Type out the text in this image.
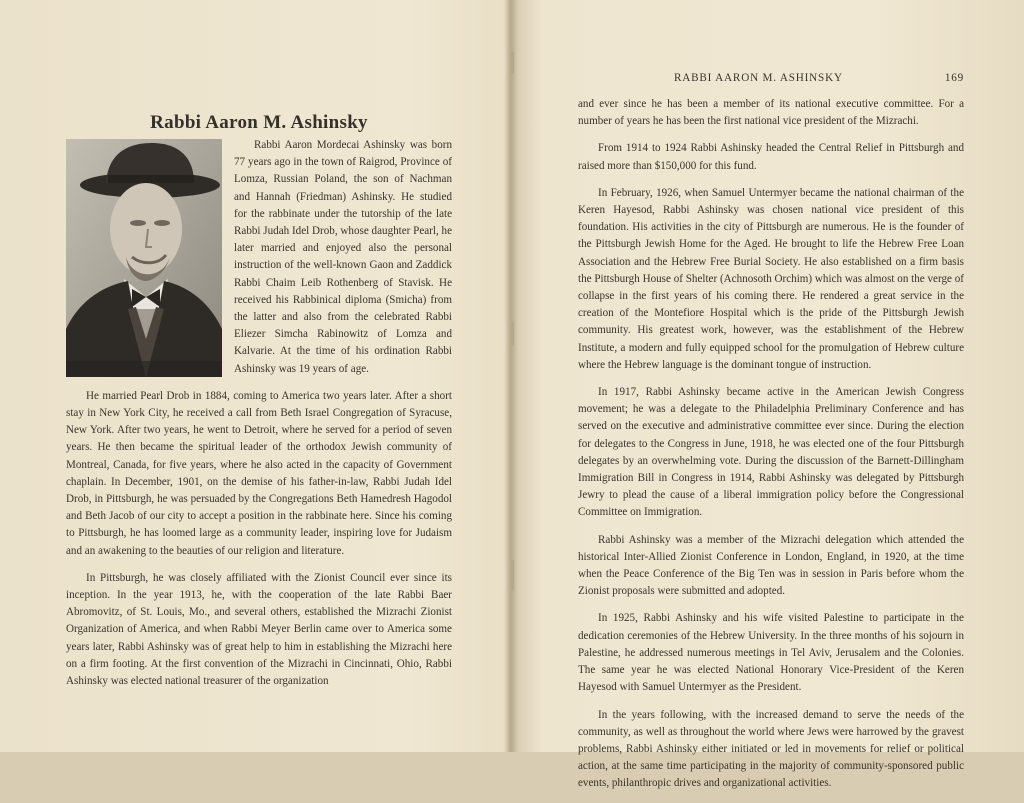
Rabbi Aaron M. Ashinsky

Rabbi Aaron Mordecai Ashinsky was born 77 years ago in the town of Raigrod, Province of Lomza, Russian Poland, the son of Nachman and Hannah (Friedman) Ashinsky. He studied for the rabbinate under the tutorship of the late Rabbi Judah Idel Drob, whose daughter Pearl, he later married and enjoyed also the personal instruction of the well-known Gaon and Zaddick Rabbi Chaim Leib Rothenberg of Stavisk. He received his Rabbinical diploma (Smicha) from the latter and also from the celebrated Rabbi Eliezer Simcha Rabinowitz of Lomza and Kalvarie. At the time of his ordination Rabbi Ashinsky was 19 years of age.

He married Pearl Drob in 1884, coming to America two years later. After a short stay in New York City, he received a call from Beth Israel Congregation of Syracuse, New York. After two years, he went to Detroit, where he served for a period of seven years. He then became the spiritual leader of the orthodox Jewish community of Montreal, Canada, for five years, where he also acted in the capacity of Government chaplain. In December, 1901, on the demise of his father-in-law, Rabbi Judah Idel Drob, in Pittsburgh, he was persuaded by the Congregations Beth Hamedresh Hagodol and Beth Jacob of our city to accept a position in the rabbinate here. Since his coming to Pittsburgh, he has loomed large as a community leader, inspiring love for Judaism and an awakening to the beauties of our religion and literature.

In Pittsburgh, he was closely affiliated with the Zionist Council ever since its inception. In the year 1913, he, with the cooperation of the late Rabbi Baer Abromovitz, of St. Louis, Mo., and several others, established the Mizrachi Zionist Organization of America, and when Rabbi Meyer Berlin came over to America some years later, Rabbi Ashinsky was of great help to him in establishing the Mizrachi here on a firm footing. At the first convention of the Mizrachi in Cincinnati, Ohio, Rabbi Ashinsky was elected national treasurer of the organization

RABBI AARON M. ASHINSKY	169

and ever since he has been a member of its national executive committee. For a number of years he has been the first national vice president of the Mizrachi.

From 1914 to 1924 Rabbi Ashinsky headed the Central Relief in Pittsburgh and raised more than $150,000 for this fund.

In February, 1926, when Samuel Untermyer became the national chairman of the Keren Hayesod, Rabbi Ashinsky was chosen national vice president of this foundation. His activities in the city of Pittsburgh are numerous. He is the founder of the Pittsburgh Jewish Home for the Aged. He brought to life the Hebrew Free Loan Association and the Hebrew Free Burial Society. He also established on a firm basis the Pittsburgh House of Shelter (Achnosoth Orchim) which was almost on the verge of collapse in the first years of his coming there. He rendered a great service in the creation of the Montefiore Hospital which is the pride of the Pittsburgh Jewish community. His greatest work, however, was the establishment of the Hebrew Institute, a modern and fully equipped school for the promulgation of Hebrew culture where the Hebrew language is the dominant tongue of instruction.

In 1917, Rabbi Ashinsky became active in the American Jewish Congress movement; he was a delegate to the Philadelphia Preliminary Conference and has served on the executive and administrative committee ever since. During the election for delegates to the Congress in June, 1918, he was elected one of the four Pittsburgh delegates by an overwhelming vote. During the discussion of the Barnett-Dillingham Immigration Bill in Congress in 1914, Rabbi Ashinsky was delegated by Pittsburgh Jewry to plead the cause of a liberal immigration policy before the Congressional Committee on Immigration.

Rabbi Ashinsky was a member of the Mizrachi delegation which attended the historical Inter-Allied Zionist Conference in London, England, in 1920, at the time when the Peace Conference of the Big Ten was in session in Paris before whom the Zionist proposals were submitted and adopted.

In 1925, Rabbi Ashinsky and his wife visited Palestine to participate in the dedication ceremonies of the Hebrew University. In the three months of his sojourn in Palestine, he addressed numerous meetings in Tel Aviv, Jerusalem and the Colonies. The same year he was elected National Honorary Vice-President of the Keren Hayesod with Samuel Untermyer as the President.

In the years following, with the increased demand to serve the needs of the community, as well as throughout the world where Jews were harrowed by the gravest problems, Rabbi Ashinsky either initiated or led in movements for relief or political action, at the same time participating in the majority of community-sponsored public events, philanthropic drives and organizational activities.
